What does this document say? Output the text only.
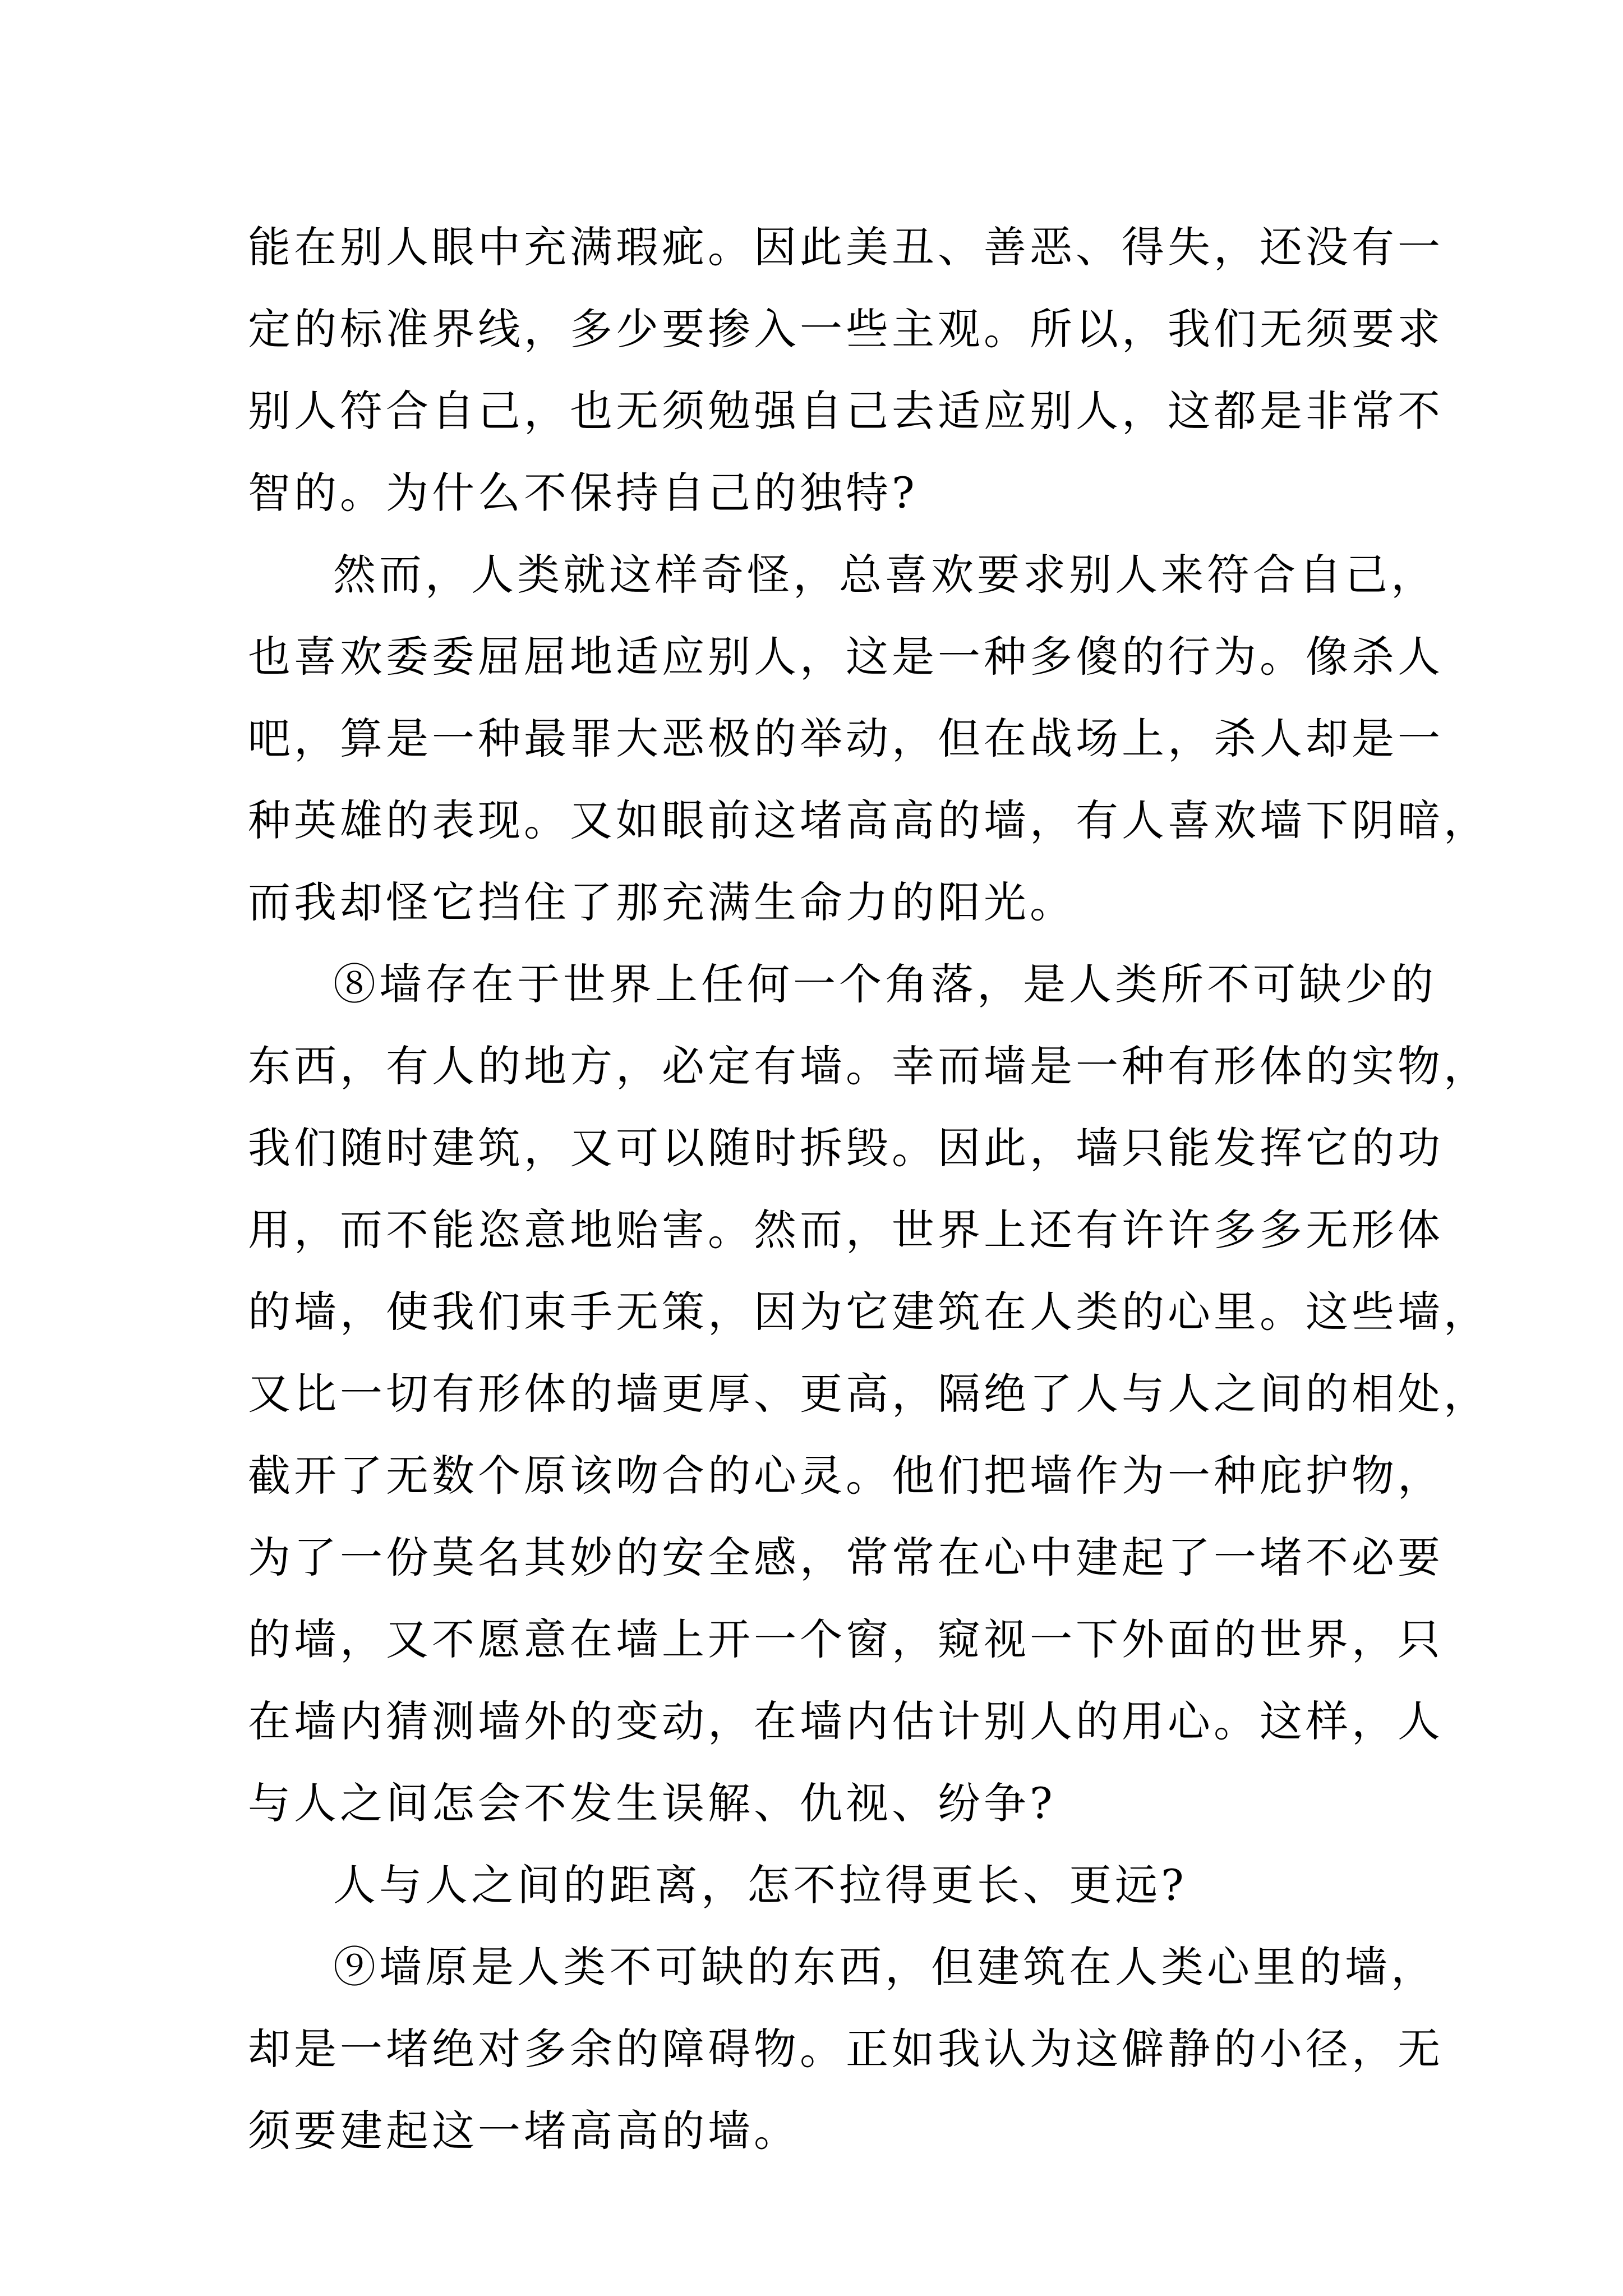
能在别人眼中充满瑕疵。因此美丑、善恶、得失，还没有一
定的标准界线，多少要掺入一些主观。所以，我们无须要求
别人符合自己，也无须勉强自己去适应别人，这都是非常不
智的。为什么不保持自己的独特?
然而，人类就这样奇怪，总喜欢要求别人来符合自己，
也喜欢委委屈屈地适应别人，这是一种多傻的行为。像杀人
吧，算是一种最罪大恶极的举动，但在战场上，杀人却是一
种英雄的表现。又如眼前这堵高高的墙，有人喜欢墙下阴暗，
而我却怪它挡住了那充满生命力的阳光。
⑧墙存在于世界上任何一个角落，是人类所不可缺少的
东西，有人的地方，必定有墙。幸而墙是一种有形体的实物，
我们随时建筑，又可以随时拆毁。因此，墙只能发挥它的功
用，而不能恣意地贻害。然而，世界上还有许许多多无形体
的墙，使我们束手无策，因为它建筑在人类的心里。这些墙，
又比一切有形体的墙更厚、更高，隔绝了人与人之间的相处，
截开了无数个原该吻合的心灵。他们把墙作为一种庇护物，
为了一份莫名其妙的安全感，常常在心中建起了一堵不必要
的墙，又不愿意在墙上开一个窗，窥视一下外面的世界，只
在墙内猜测墙外的变动，在墙内估计别人的用心。这样，人
与人之间怎会不发生误解、仇视、纷争?
人与人之间的距离，怎不拉得更长、更远?
⑨墙原是人类不可缺的东西，但建筑在人类心里的墙，
却是一堵绝对多余的障碍物。正如我认为这僻静的小径，无
须要建起这一堵高高的墙。
